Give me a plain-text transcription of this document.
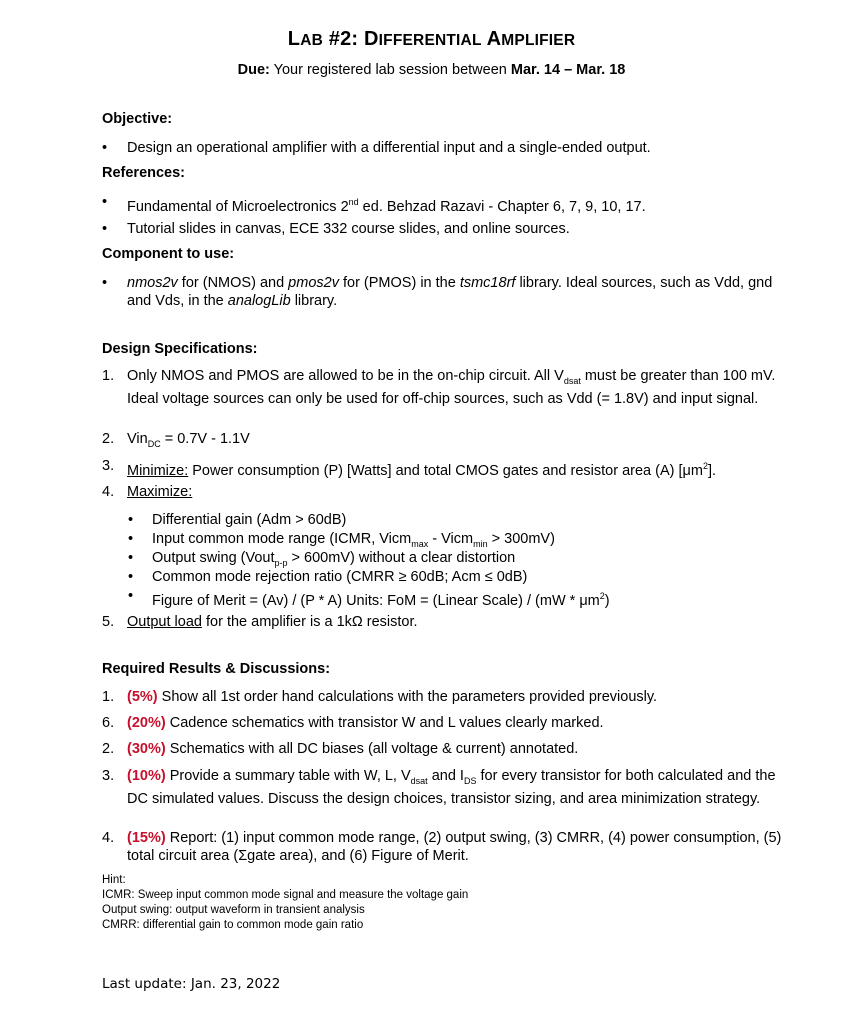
LAB #2: DIFFERENTIAL AMPLIFIER
Due: Your registered lab session between Mar. 14 – Mar. 18
Objective:
• Design an operational amplifier with a differential input and a single-ended output.
References:
• Fundamental of Microelectronics 2nd ed. Behzad Razavi - Chapter 6, 7, 9, 10, 17.
• Tutorial slides in canvas, ECE 332 course slides, and online sources.
Component to use:
• nmos2v for (NMOS) and pmos2v for (PMOS) in the tsmc18rf library. Ideal sources, such as Vdd, gnd and Vds, in the analogLib library.
Design Specifications:
1. Only NMOS and PMOS are allowed to be in the on-chip circuit. All $V_{dsat}$ must be greater than 100 mV. Ideal voltage sources can only be used for off-chip sources, such as Vdd (= 1.8V) and input signal.
2. Vin$_{DC}$ = 0.7V - 1.1V
3. Minimize: Power consumption (P) [Watts] and total CMOS gates and resistor area (A) $[\mu m^2]$.
4. Maximize:
• Differential gain (Adm > 60dB)
• Input common mode range (ICMR, Vicm$_{max}$ - Vicm$_{min}$ > 300mV)
• Output swing (Vout$_{p-p}$ > 600mV) without a clear distortion
• Common mode rejection ratio (CMRR ≥ 60dB; Acm ≤ 0dB)
• Figure of Merit = (Av) / (P * A) Units: FoM = (Linear Scale) / $(mW * \mu m^2)$
5. Output load for the amplifier is a 1kΩ resistor.
Required Results & Discussions:
1. (5%) Show all 1st order hand calculations with the parameters provided previously.
6. (20%) Cadence schematics with transistor W and L values clearly marked.
2. (30%) Schematics with all DC biases (all voltage & current) annotated.
3. (10%) Provide a summary table with W, L, $V_{dsat}$ and $I_{DS}$ for every transistor for both calculated and the DC simulated values. Discuss the design choices, transistor sizing, and area minimization strategy.
4. (15%) Report: (1) input common mode range, (2) output swing, (3) CMRR, (4) power consumption, (5) total circuit area (Σgate area), and (6) Figure of Merit.
Hint:
ICMR: Sweep input common mode signal and measure the voltage gain
Output swing: output waveform in transient analysis
CMRR: differential gain to common mode gain ratio
Last update: Jan. 23, 2022
